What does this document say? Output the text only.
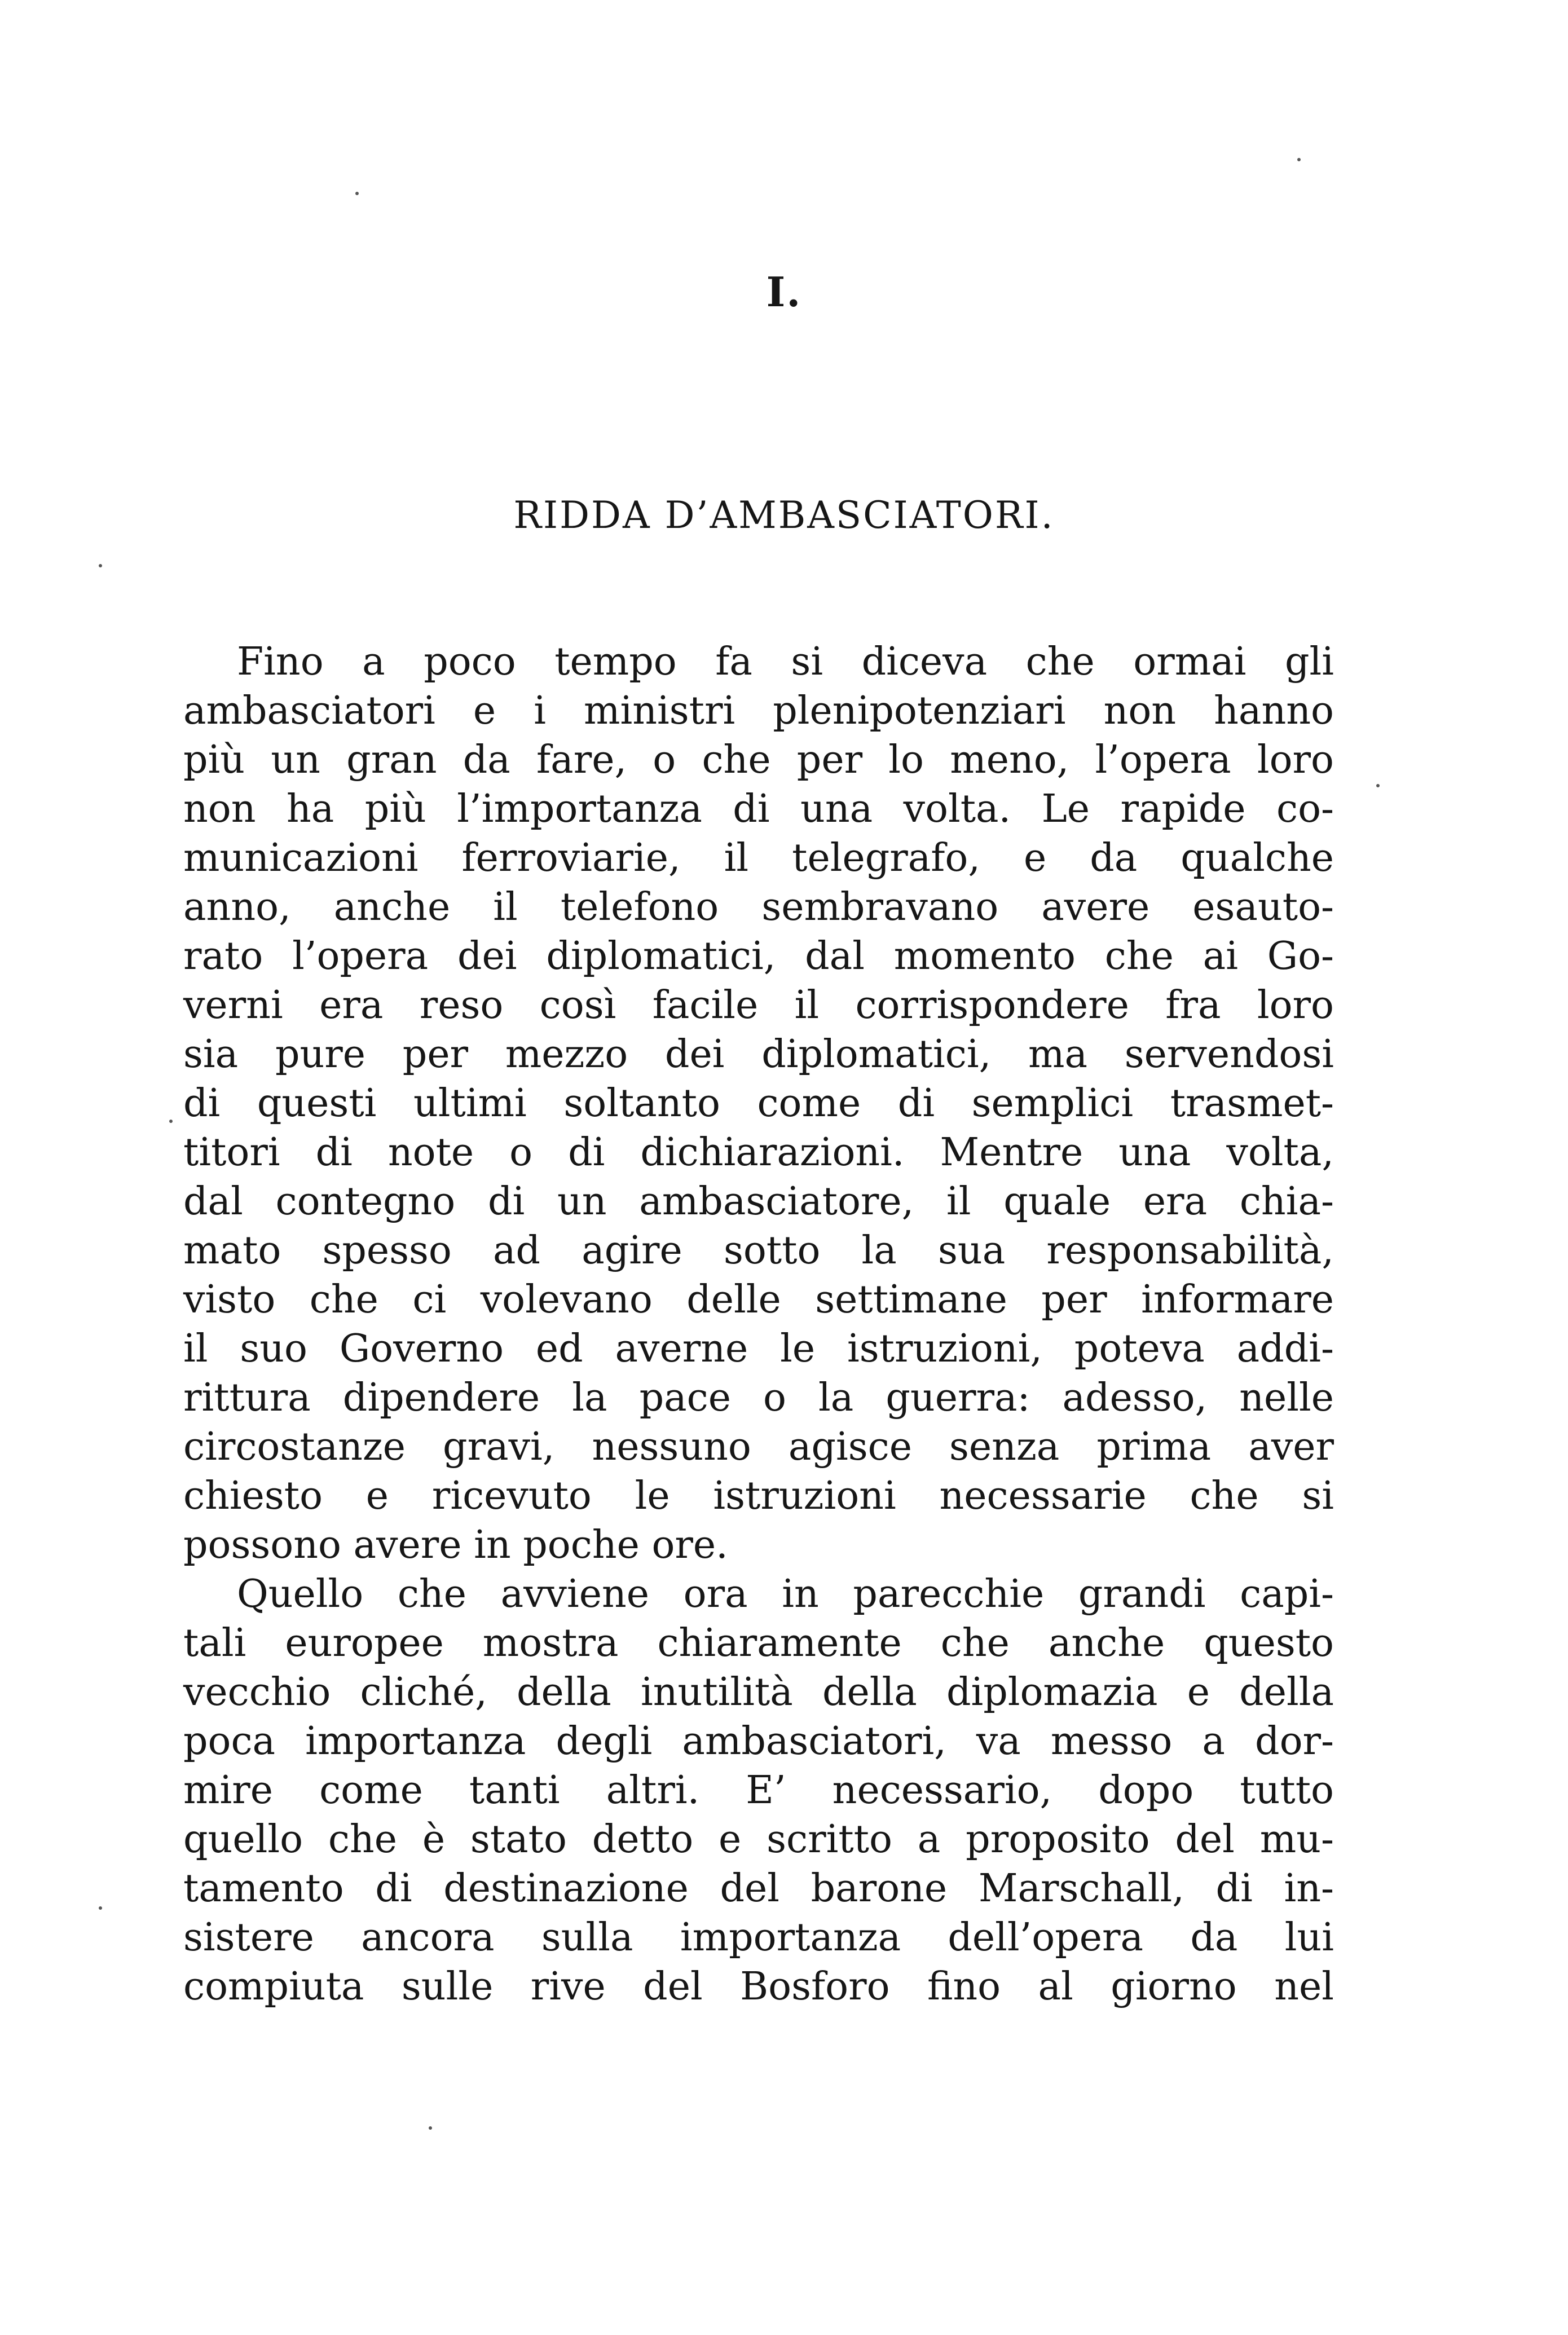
I.
RIDDA D’AMBASCIATORI.
Fino a poco tempo fa si diceva che ormai gli
ambasciatori e i ministri plenipotenziari non hanno
più un gran da fare, o che per lo meno, l’opera loro
non ha più l’importanza di una volta. Le rapide co-
municazioni ferroviarie, il telegrafo, e da qualche
anno, anche il telefono sembravano avere esauto-
rato l’opera dei diplomatici, dal momento che ai Go-
verni era reso così facile il corrispondere fra loro
sia pure per mezzo dei diplomatici, ma servendosi
di questi ultimi soltanto come di semplici trasmet-
titori di note o di dichiarazioni. Mentre una volta,
dal contegno di un ambasciatore, il quale era chia-
mato spesso ad agire sotto la sua responsabilità,
visto che ci volevano delle settimane per informare
il suo Governo ed averne le istruzioni, poteva addi-
rittura dipendere la pace o la guerra: adesso, nelle
circostanze gravi, nessuno agisce senza prima aver
chiesto e ricevuto le istruzioni necessarie che si
possono avere in poche ore.
Quello che avviene ora in parecchie grandi capi-
tali europee mostra chiaramente che anche questo
vecchio cliché, della inutilità della diplomazia e della
poca importanza degli ambasciatori, va messo a dor-
mire come tanti altri. E’ necessario, dopo tutto
quello che è stato detto e scritto a proposito del mu-
tamento di destinazione del barone Marschall, di in-
sistere ancora sulla importanza dell’opera da lui
compiuta sulle rive del Bosforo fino al giorno nel
